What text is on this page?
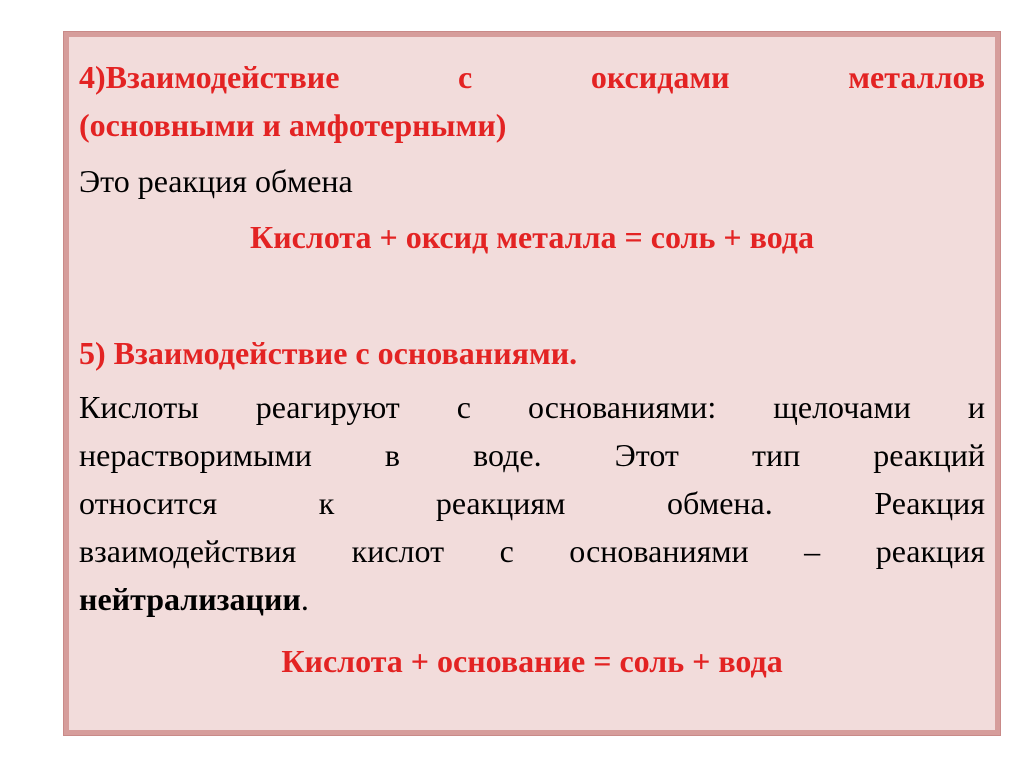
4)Взаимодействие с оксидами металлов
(основными и амфотерными)
Это реакция обмена
Кислота + оксид металла = соль + вода
5) Взаимодействие с основаниями.
Кислоты реагируют с основаниями: щелочами и
нерастворимыми в воде. Этот тип реакций
относится к реакциям обмена. Реакция
взаимодействия кислот с основаниями – реакция
нейтрализации.
Кислота + основание = соль + вода
